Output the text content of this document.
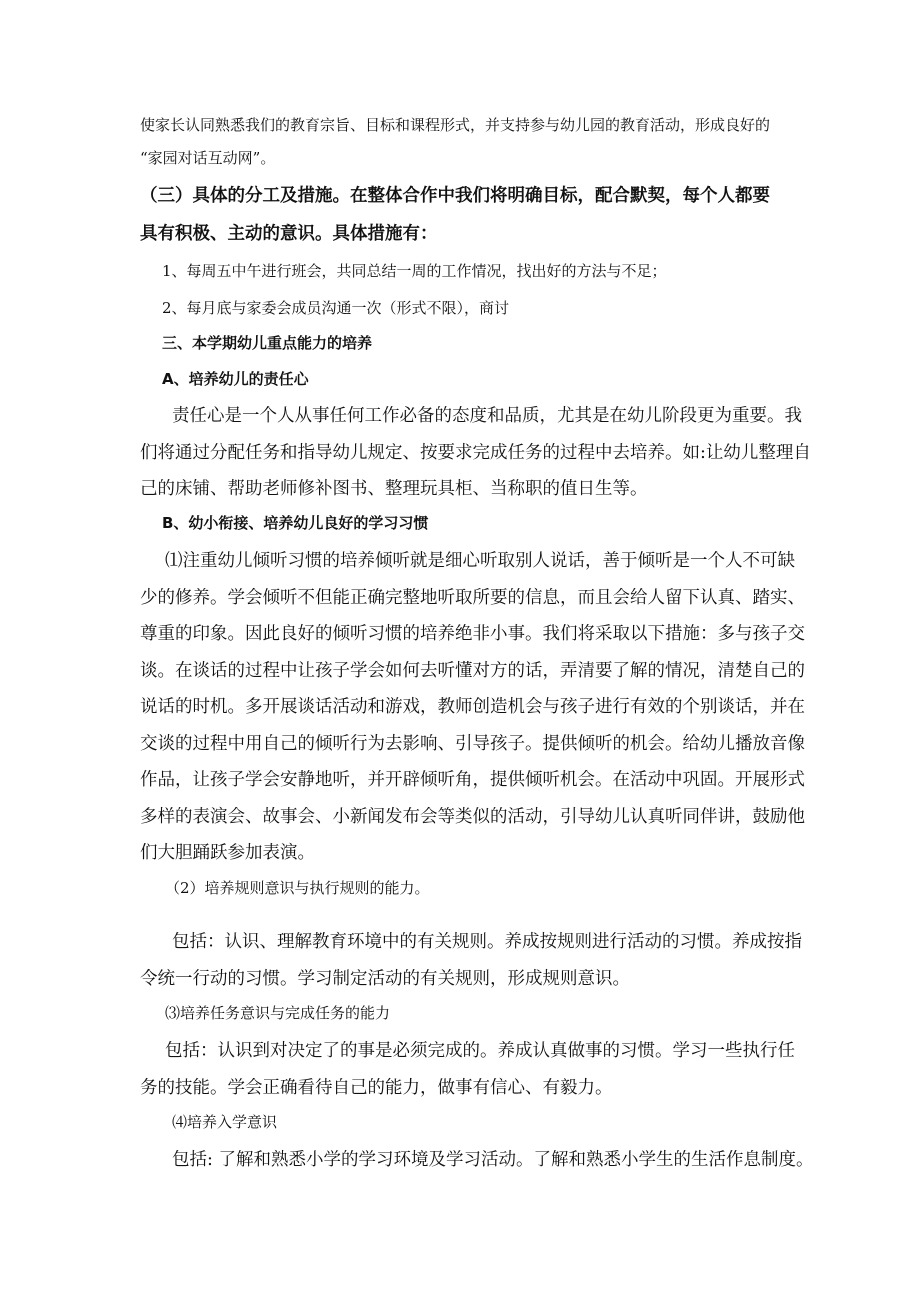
使家长认同熟悉我们的教育宗旨、目标和课程形式，并支持参与幼儿园的教育活动，形成良好的
“家园对话互动网”。
（三）具体的分工及措施。在整体合作中我们将明确目标，配合默契，每个人都要
具有积极、主动的意识。具体措施有：
1、每周五中午进行班会，共同总结一周的工作情况，找出好的方法与不足；
2、每月底与家委会成员沟通一次（形式不限），商讨
三、本学期幼儿重点能力的培养
A、培养幼儿的责任心
责任心是一个人从事任何工作必备的态度和品质，尤其是在幼儿阶段更为重要。我
们将通过分配任务和指导幼儿规定、按要求完成任务的过程中去培养。如:让幼儿整理自
己的床铺、帮助老师修补图书、整理玩具柜、当称职的值日生等。
B、幼小衔接、培养幼儿良好的学习习惯
⑴注重幼儿倾听习惯的培养倾听就是细心听取别人说话，善于倾听是一个人不可缺
少的修养。学会倾听不但能正确完整地听取所要的信息，而且会给人留下认真、踏实、
尊重的印象。因此良好的倾听习惯的培养绝非小事。我们将采取以下措施：多与孩子交
谈。在谈话的过程中让孩子学会如何去听懂对方的话，弄清要了解的情况，清楚自己的
说话的时机。多开展谈话活动和游戏，教师创造机会与孩子进行有效的个别谈话，并在
交谈的过程中用自己的倾听行为去影响、引导孩子。提供倾听的机会。给幼儿播放音像
作品，让孩子学会安静地听，并开辟倾听角，提供倾听机会。在活动中巩固。开展形式
多样的表演会、故事会、小新闻发布会等类似的活动，引导幼儿认真听同伴讲，鼓励他
们大胆踊跃参加表演。
（2）培养规则意识与执行规则的能力。
包括：认识、理解教育环境中的有关规则。养成按规则进行活动的习惯。养成按指
令统一行动的习惯。学习制定活动的有关规则，形成规则意识。
⑶培养任务意识与完成任务的能力
包括：认识到对决定了的事是必须完成的。养成认真做事的习惯。学习一些执行任
务的技能。学会正确看待自己的能力，做事有信心、有毅力。
⑷培养入学意识
包括: 了解和熟悉小学的学习环境及学习活动。了解和熟悉小学生的生活作息制度。
